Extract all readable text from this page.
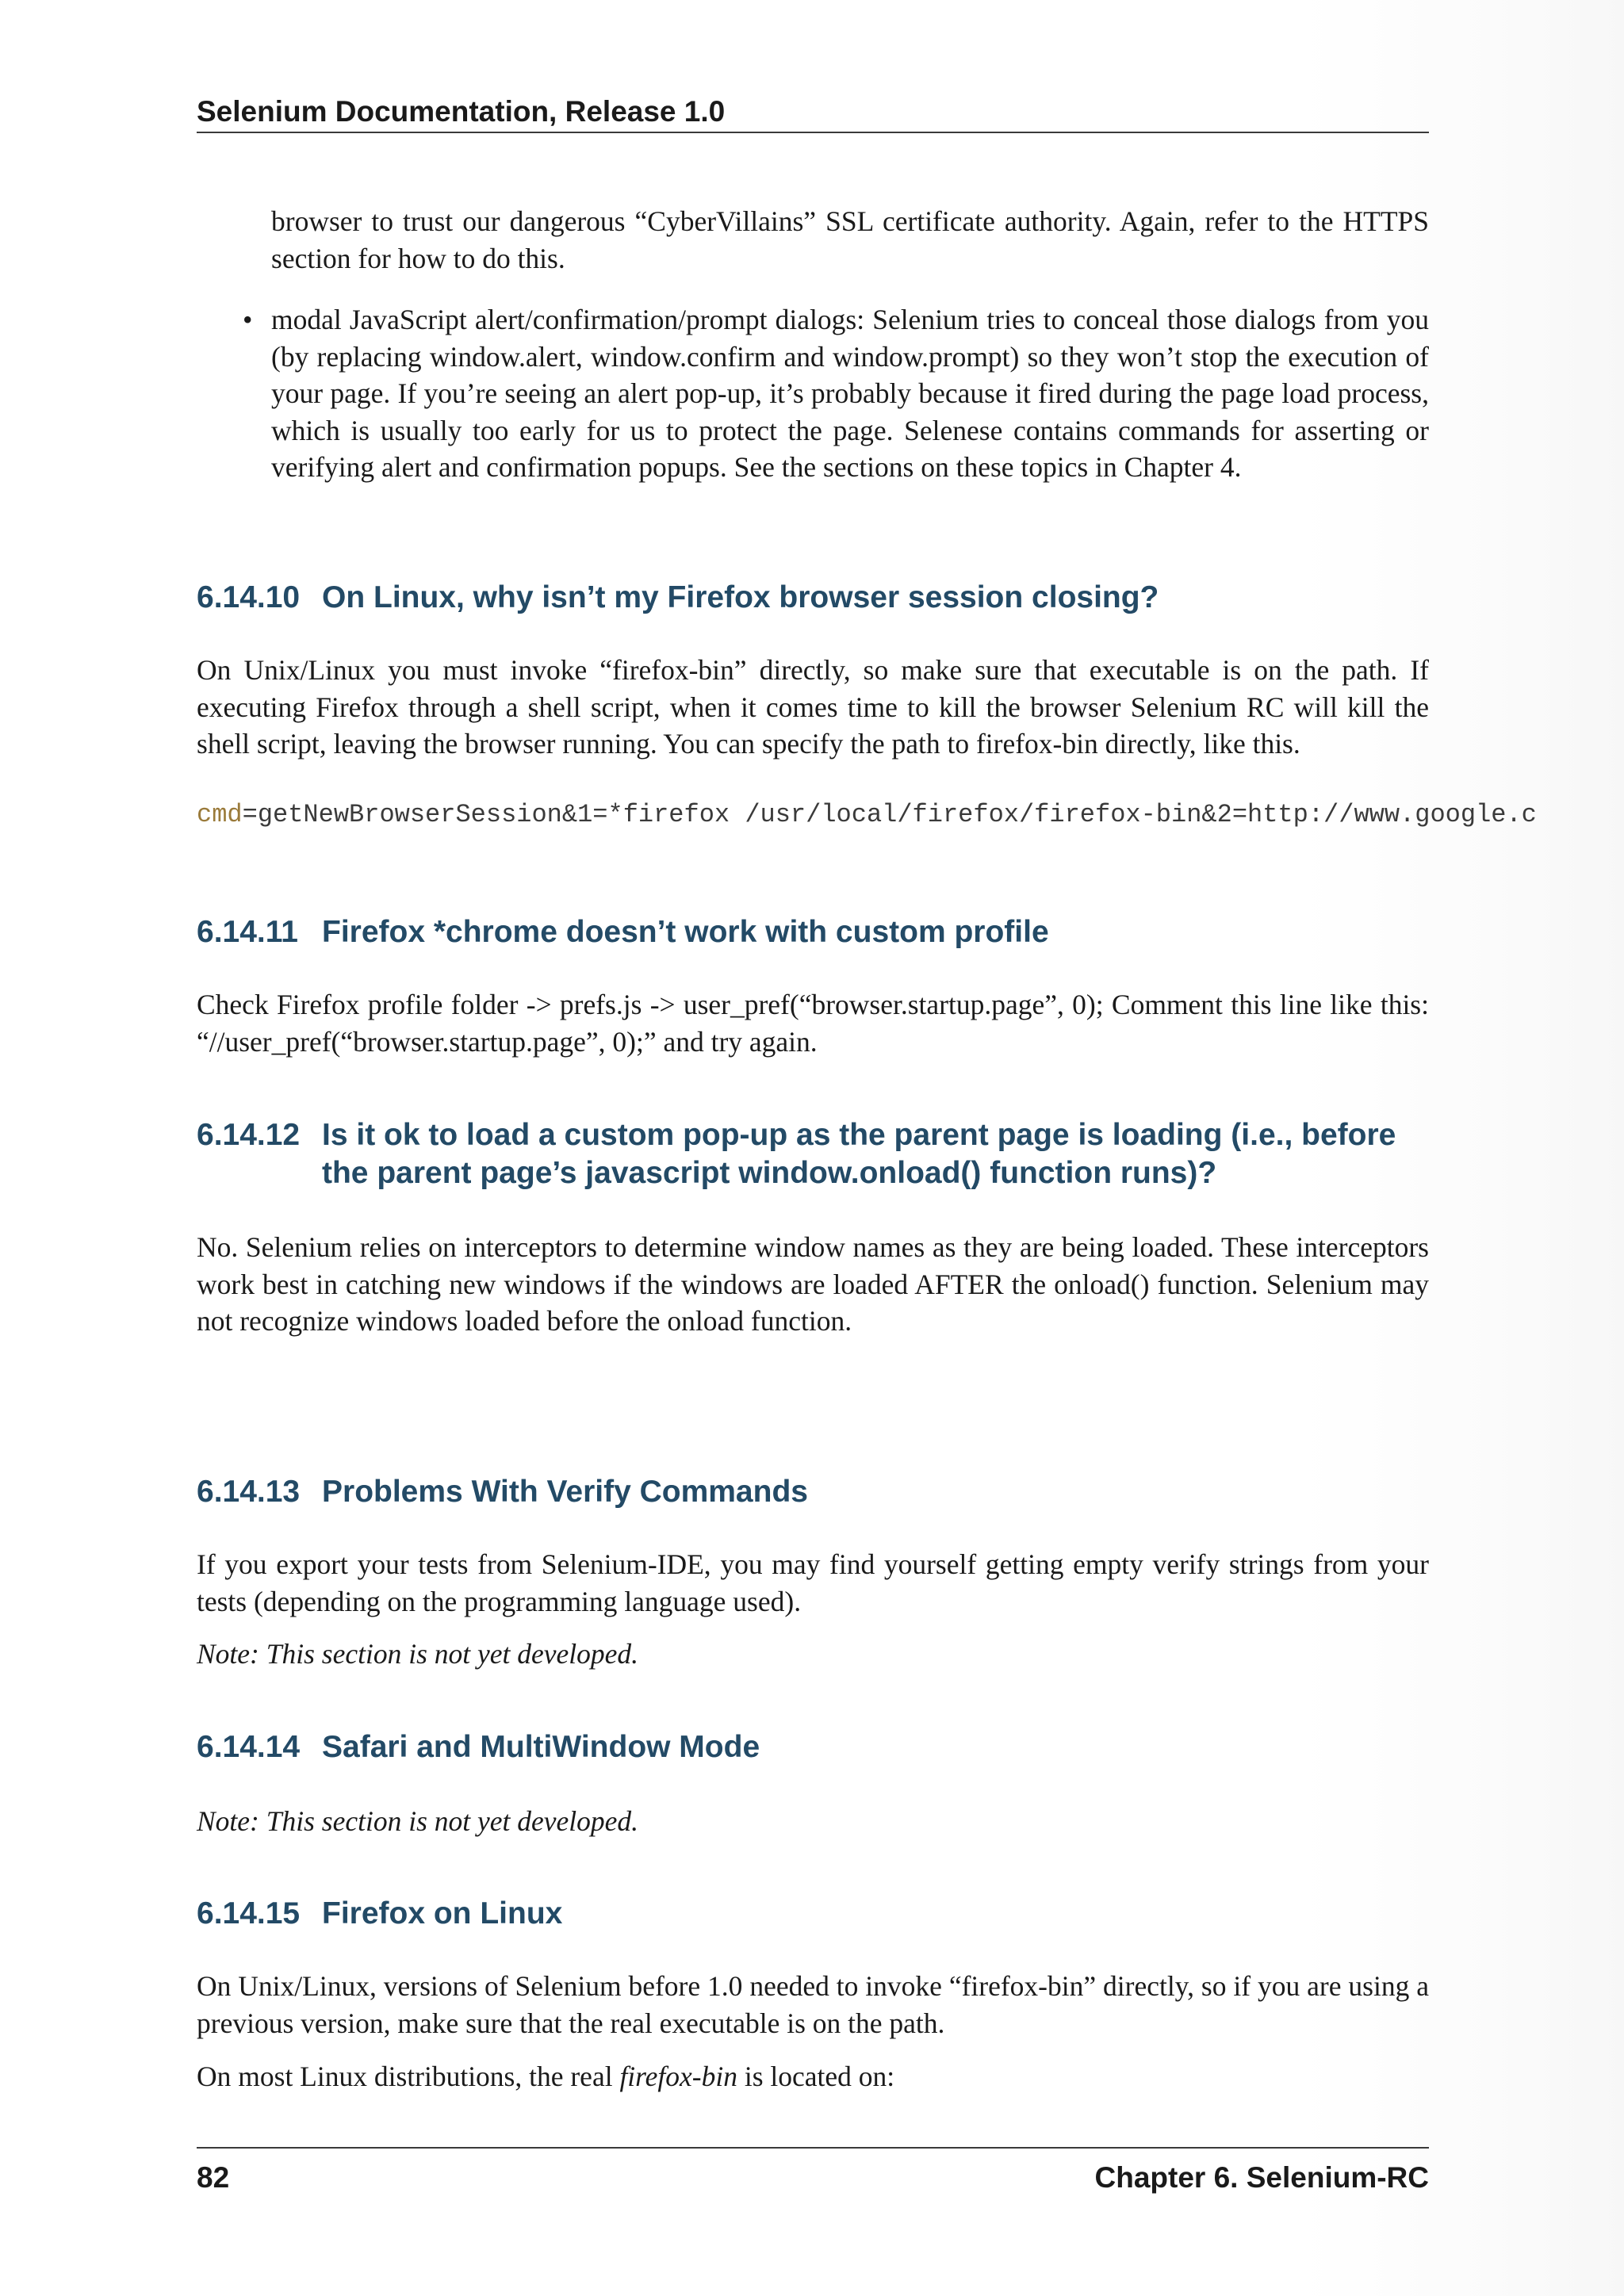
Selenium Documentation, Release 1.0

browser to trust our dangerous “CyberVillains” SSL certificate authority. Again, refer to the HTTPS section for how to do this.

• modal JavaScript alert/confirmation/prompt dialogs: Selenium tries to conceal those dialogs from you (by replacing window.alert, window.confirm and window.prompt) so they won’t stop the execution of your page. If you’re seeing an alert pop-up, it’s probably because it fired during the page load process, which is usually too early for us to protect the page. Selenese contains commands for asserting or verifying alert and confirmation popups. See the sections on these topics in Chapter 4.

6.14.10 On Linux, why isn’t my Firefox browser session closing?

On Unix/Linux you must invoke “firefox-bin” directly, so make sure that executable is on the path. If executing Firefox through a shell script, when it comes time to kill the browser Selenium RC will kill the shell script, leaving the browser running. You can specify the path to firefox-bin directly, like this.

cmd=getNewBrowserSession&1=*firefox /usr/local/firefox/firefox-bin&2=http://www.google.c
6.14.11 Firefox *chrome doesn’t work with custom profile

Check Firefox profile folder -> prefs.js -> user_pref(“browser.startup.page”, 0); Comment this line like this: “//user_pref(“browser.startup.page”, 0);” and try again.

6.14.12 Is it ok to load a custom pop-up as the parent page is loading (i.e., before the parent page’s javascript window.onload() function runs)?

No. Selenium relies on interceptors to determine window names as they are being loaded. These interceptors work best in catching new windows if the windows are loaded AFTER the onload() function. Selenium may not recognize windows loaded before the onload function.

6.14.13 Problems With Verify Commands

If you export your tests from Selenium-IDE, you may find yourself getting empty verify strings from your tests (depending on the programming language used).

Note: This section is not yet developed.

6.14.14 Safari and MultiWindow Mode

Note: This section is not yet developed.

6.14.15 Firefox on Linux

On Unix/Linux, versions of Selenium before 1.0 needed to invoke “firefox-bin” directly, so if you are using a previous version, make sure that the real executable is on the path.

On most Linux distributions, the real firefox-bin is located on:

82	Chapter 6. Selenium-RC
